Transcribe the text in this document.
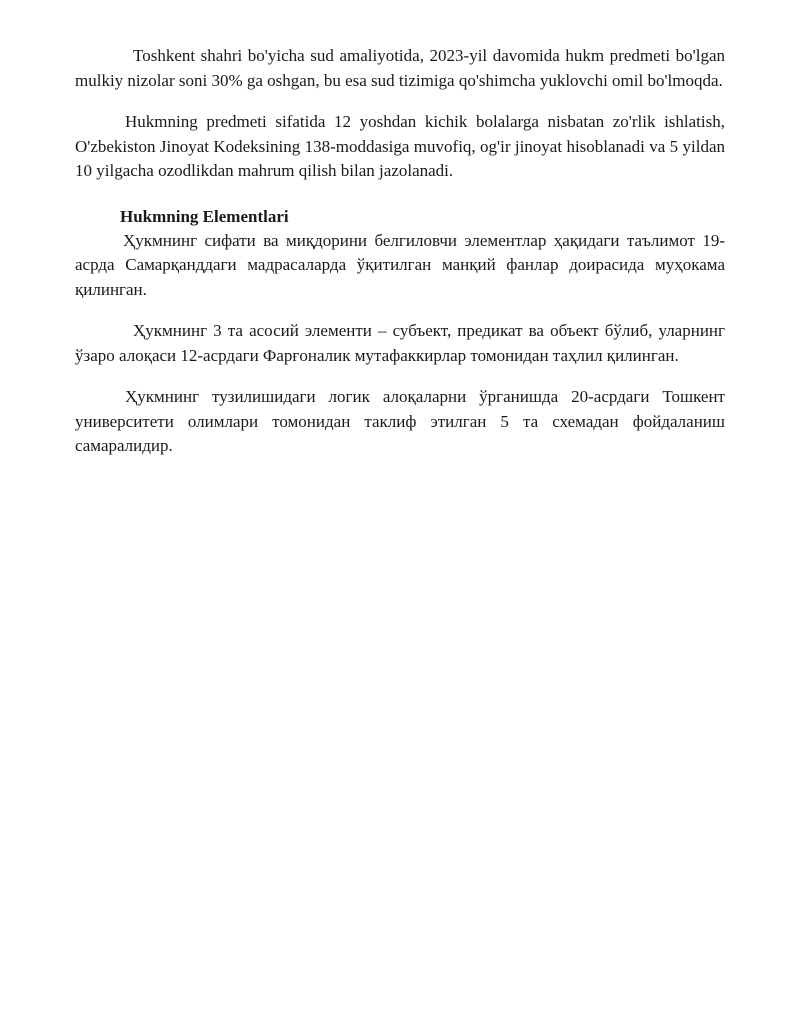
Toshkent shahri bo'yicha sud amaliyotida, 2023-yil davomida hukm predmeti bo'lgan mulkiy nizolar soni 30% ga oshgan, bu esa sud tizimiga qo'shimcha yuklovchi omil bo'lmoqda.

Hukmning predmeti sifatida 12 yoshdan kichik bolalarga nisbatan zo'rlik ishlatish, O'zbekiston Jinoyat Kodeksining 138-moddasiga muvofiq, og'ir jinoyat hisoblanadi va 5 yildan 10 yilgacha ozodlikdan mahrum qilish bilan jazolanadi.

Hukmning Elementlari

Ҳукмнинг сифати ва миқдорини белгиловчи элементлар ҳақидаги таълимот 19-асрда Самарқанддаги мадрасаларда ўқитилган манқий фанлар доирасида муҳокама қилинган.

Ҳукмнинг 3 та асосий элементи – субъект, предикат ва объект бўлиб, уларнинг ўзаро алоқаси 12-асрдаги Фарғоналик мутафаккирлар томонидан таҳлил қилинган.

Ҳукмнинг тузилишидаги логик алоқаларни ўрганишда 20-асрдаги Тошкент университети олимлари томонидан таклиф этилган 5 та схемадан фойдаланиш самаралидир.
